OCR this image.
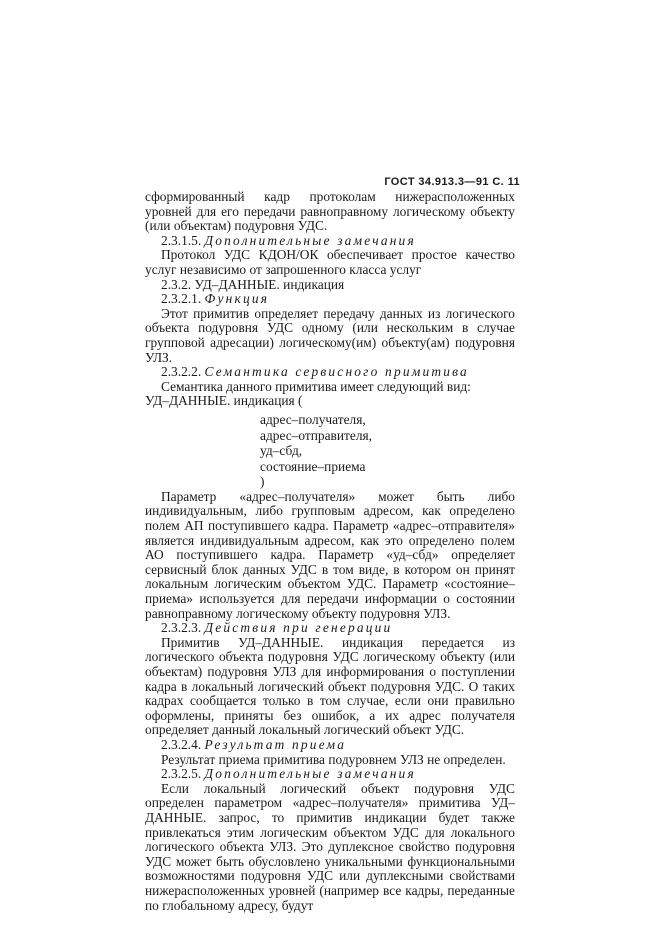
ГОСТ 34.913.3—91 С. 11

сформированный кадр протоколам нижерасположенных уровней для его передачи равноправному логическому объекту (или объектам) подуровня УДС.

2.3.1.5. Дополнительные замечания

Протокол УДС КДОН/ОК обеспечивает простое качество услуг независимо от запрошенного класса услуг

2.3.2. УД–ДАННЫЕ. индикация

2.3.2.1. Функция

Этот примитив определяет передачу данных из логического объекта подуровня УДС одному (или нескольким в случае групповой адресации) логическому(им) объекту(ам) подуровня УЛЗ.

2.3.2.2. Семантика сервисного примитива

Семантика данного примитива имеет следующий вид:

УД–ДАННЫЕ. индикация (

адрес–получателя,
адрес–отправителя,
уд–сбд,
состояние–приема
)

Параметр «адрес–получателя» может быть либо индивидуальным, либо групповым адресом, как определено полем АП поступившего кадра. Параметр «адрес–отправителя» является индивидуальным адресом, как это определено полем АО поступившего кадра. Параметр «уд–сбд» определяет сервисный блок данных УДС в том виде, в котором он принят локальным логическим объектом УДС. Параметр «состояние–приема» используется для передачи информации о состоянии равноправному логическому объекту подуровня УЛЗ.

2.3.2.3. Действия при генерации

Примитив УД–ДАННЫЕ. индикация передается из логического объекта подуровня УДС логическому объекту (или объектам) подуровня УЛЗ для информирования о поступлении кадра в локальный логический объект подуровня УДС. О таких кадрах сообщается только в том случае, если они правильно оформлены, приняты без ошибок, а их адрес получателя определяет данный локальный логический объект УДС.

2.3.2.4. Результат приема

Результат приема примитива подуровнем УЛЗ не определен.

2.3.2.5. Дополнительные замечания

Если локальный логический объект подуровня УДС определен параметром «адрес–получателя» примитива УД–ДАННЫЕ. запрос, то примитив индикации будет также привлекаться этим логическим объектом УДС для локального логического объекта УЛЗ. Это дуплексное свойство подуровня УДС может быть обусловлено уникальными функциональными возможностями подуровня УДС или дуплексными свойствами нижерасположенных уровней (например все кадры, переданные по глобальному адресу, будут
